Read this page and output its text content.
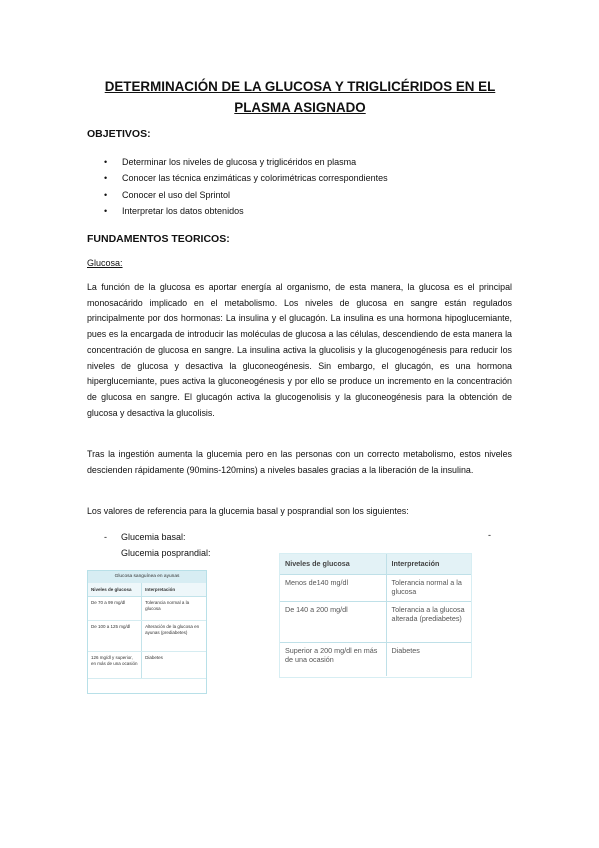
DETERMINACIÓN DE LA GLUCOSA Y TRIGLICÉRIDOS EN EL PLASMA ASIGNADO
OBJETIVOS:
• Determinar los niveles de glucosa y triglicéridos en plasma
• Conocer las técnica enzimáticas y colorimétricas correspondientes
• Conocer el uso del Sprintol
• Interpretar los datos obtenidos
FUNDAMENTOS TEORICOS:
Glucosa:

La función de la glucosa es aportar energía al organismo, de esta manera, la glucosa es el principal monosacárido implicado en el metabolismo. Los niveles de glucosa en sangre están regulados principalmente por dos hormonas: La insulina y el glucagón. La insulina es una hormona hipoglucemiante, pues es la encargada de introducir las moléculas de glucosa a las células, descendiendo de esta manera la concentración de glucosa en sangre. La insulina activa la glucolisis y la glucogenogénesis para reducir los niveles de glucosa y desactiva la gluconeogénesis. Sin embargo, el glucagón, es una hormona hiperglucemiante, pues activa la gluconeogénesis y por ello se produce un incremento en la concentración de glucosa en sangre. El glucagón activa la glucogenolisis y la gluconeogénesis para la obtención de glucosa y desactiva la glucolisis.

Tras la ingestión aumenta la glucemia pero en las personas con un correcto metabolismo, estos niveles descienden rápidamente (90mins-120mins) a niveles basales gracias a la liberación de la insulina.

Los valores de referencia para la glucemia basal y posprandial son los siguientes:

- Glucemia basal:
Glucemia posprandial:
-
Glucosa sanguínea en ayunas
Niveles de glucosa	Interpretación
De 70 a 99 mg/dl	Tolerancia normal a la glucosa
De 100 a 125 mg/dl	Alteración de la glucosa en ayunas (prediabetes)
126 mg/dl y superior, en más de una ocasión	Diabetes
Niveles de glucosa	Interpretación
Menos de140 mg/dl	Tolerancia normal a la glucosa
De 140 a 200 mg/dl	Tolerancia a la glucosa alterada (prediabetes)
Superior a 200 mg/dl en más de una ocasión	Diabetes
